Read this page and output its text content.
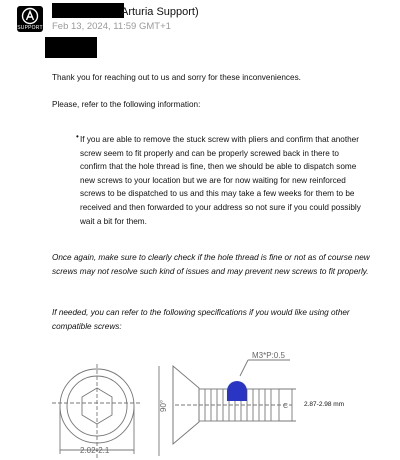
SUPPORT
Arturia Support)
Feb 13, 2024, 11:59 GMT+1
Thank you for reaching out to us and sorry for these inconveniences.
Please, refer to the following information:
• If you are able to remove the stuck screw with pliers and confirm that another screw seem to fit properly and can be properly screwed back in there to confirm that the hole thread is fine, then we should be able to dispatch some new screws to your location but we are for now waiting for new reinforced screws to be dispatched to us and this may take a few weeks for them to be received and then forwarded to your address so not sure if you could possibly wait a bit for them.
Once again, make sure to clearly check if the hole thread is fine or not as of course new screws may not resolve such kind of issues and may prevent new screws to fit properly.
If needed, you can refer to the following specifications if you would like using other compatible screws:
2.02-2.1
90°
M3*P:0.5
C 2.87-2.98 mm
